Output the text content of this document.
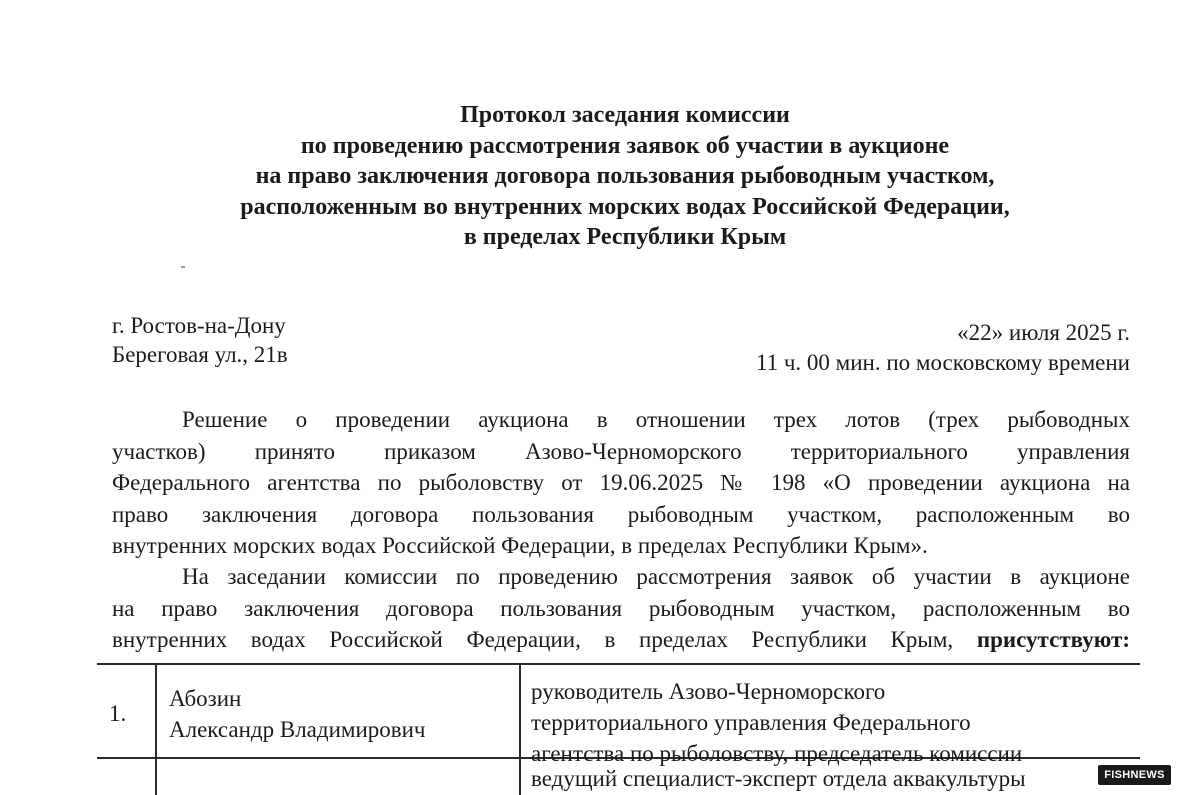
Протокол заседания комиссии
по проведению рассмотрения заявок об участии в аукционе
на право заключения договора пользования рыбоводным участком,
расположенным во внутренних морских водах Российской Федерации,
в пределах Республики Крым
г. Ростов-на-Дону
Береговая ул., 21в
«22» июля 2025 г.
11 ч. 00 мин. по московскому времени
Решение о проведении аукциона в отношении трех лотов (трех рыбоводных
участков) принято приказом Азово-Черноморского территориального управления
Федерального агентства по рыболовству от 19.06.2025 № 198 «О проведении аукциона на
право заключения договора пользования рыбоводным участком, расположенным во
внутренних морских водах Российской Федерации, в пределах Республики Крым».
На заседании комиссии по проведению рассмотрения заявок об участии в аукционе
на право заключения договора пользования рыбоводным участком, расположенным во
внутренних водах Российской Федерации, в пределах Республики Крым, присутствуют:
1.
Абозин
Александр Владимирович
руководитель Азово-Черноморского
территориального управления Федерального
агентства по рыболовству, председатель комиссии
ведущий специалист-эксперт отдела аквакультуры	FISHNEWS
